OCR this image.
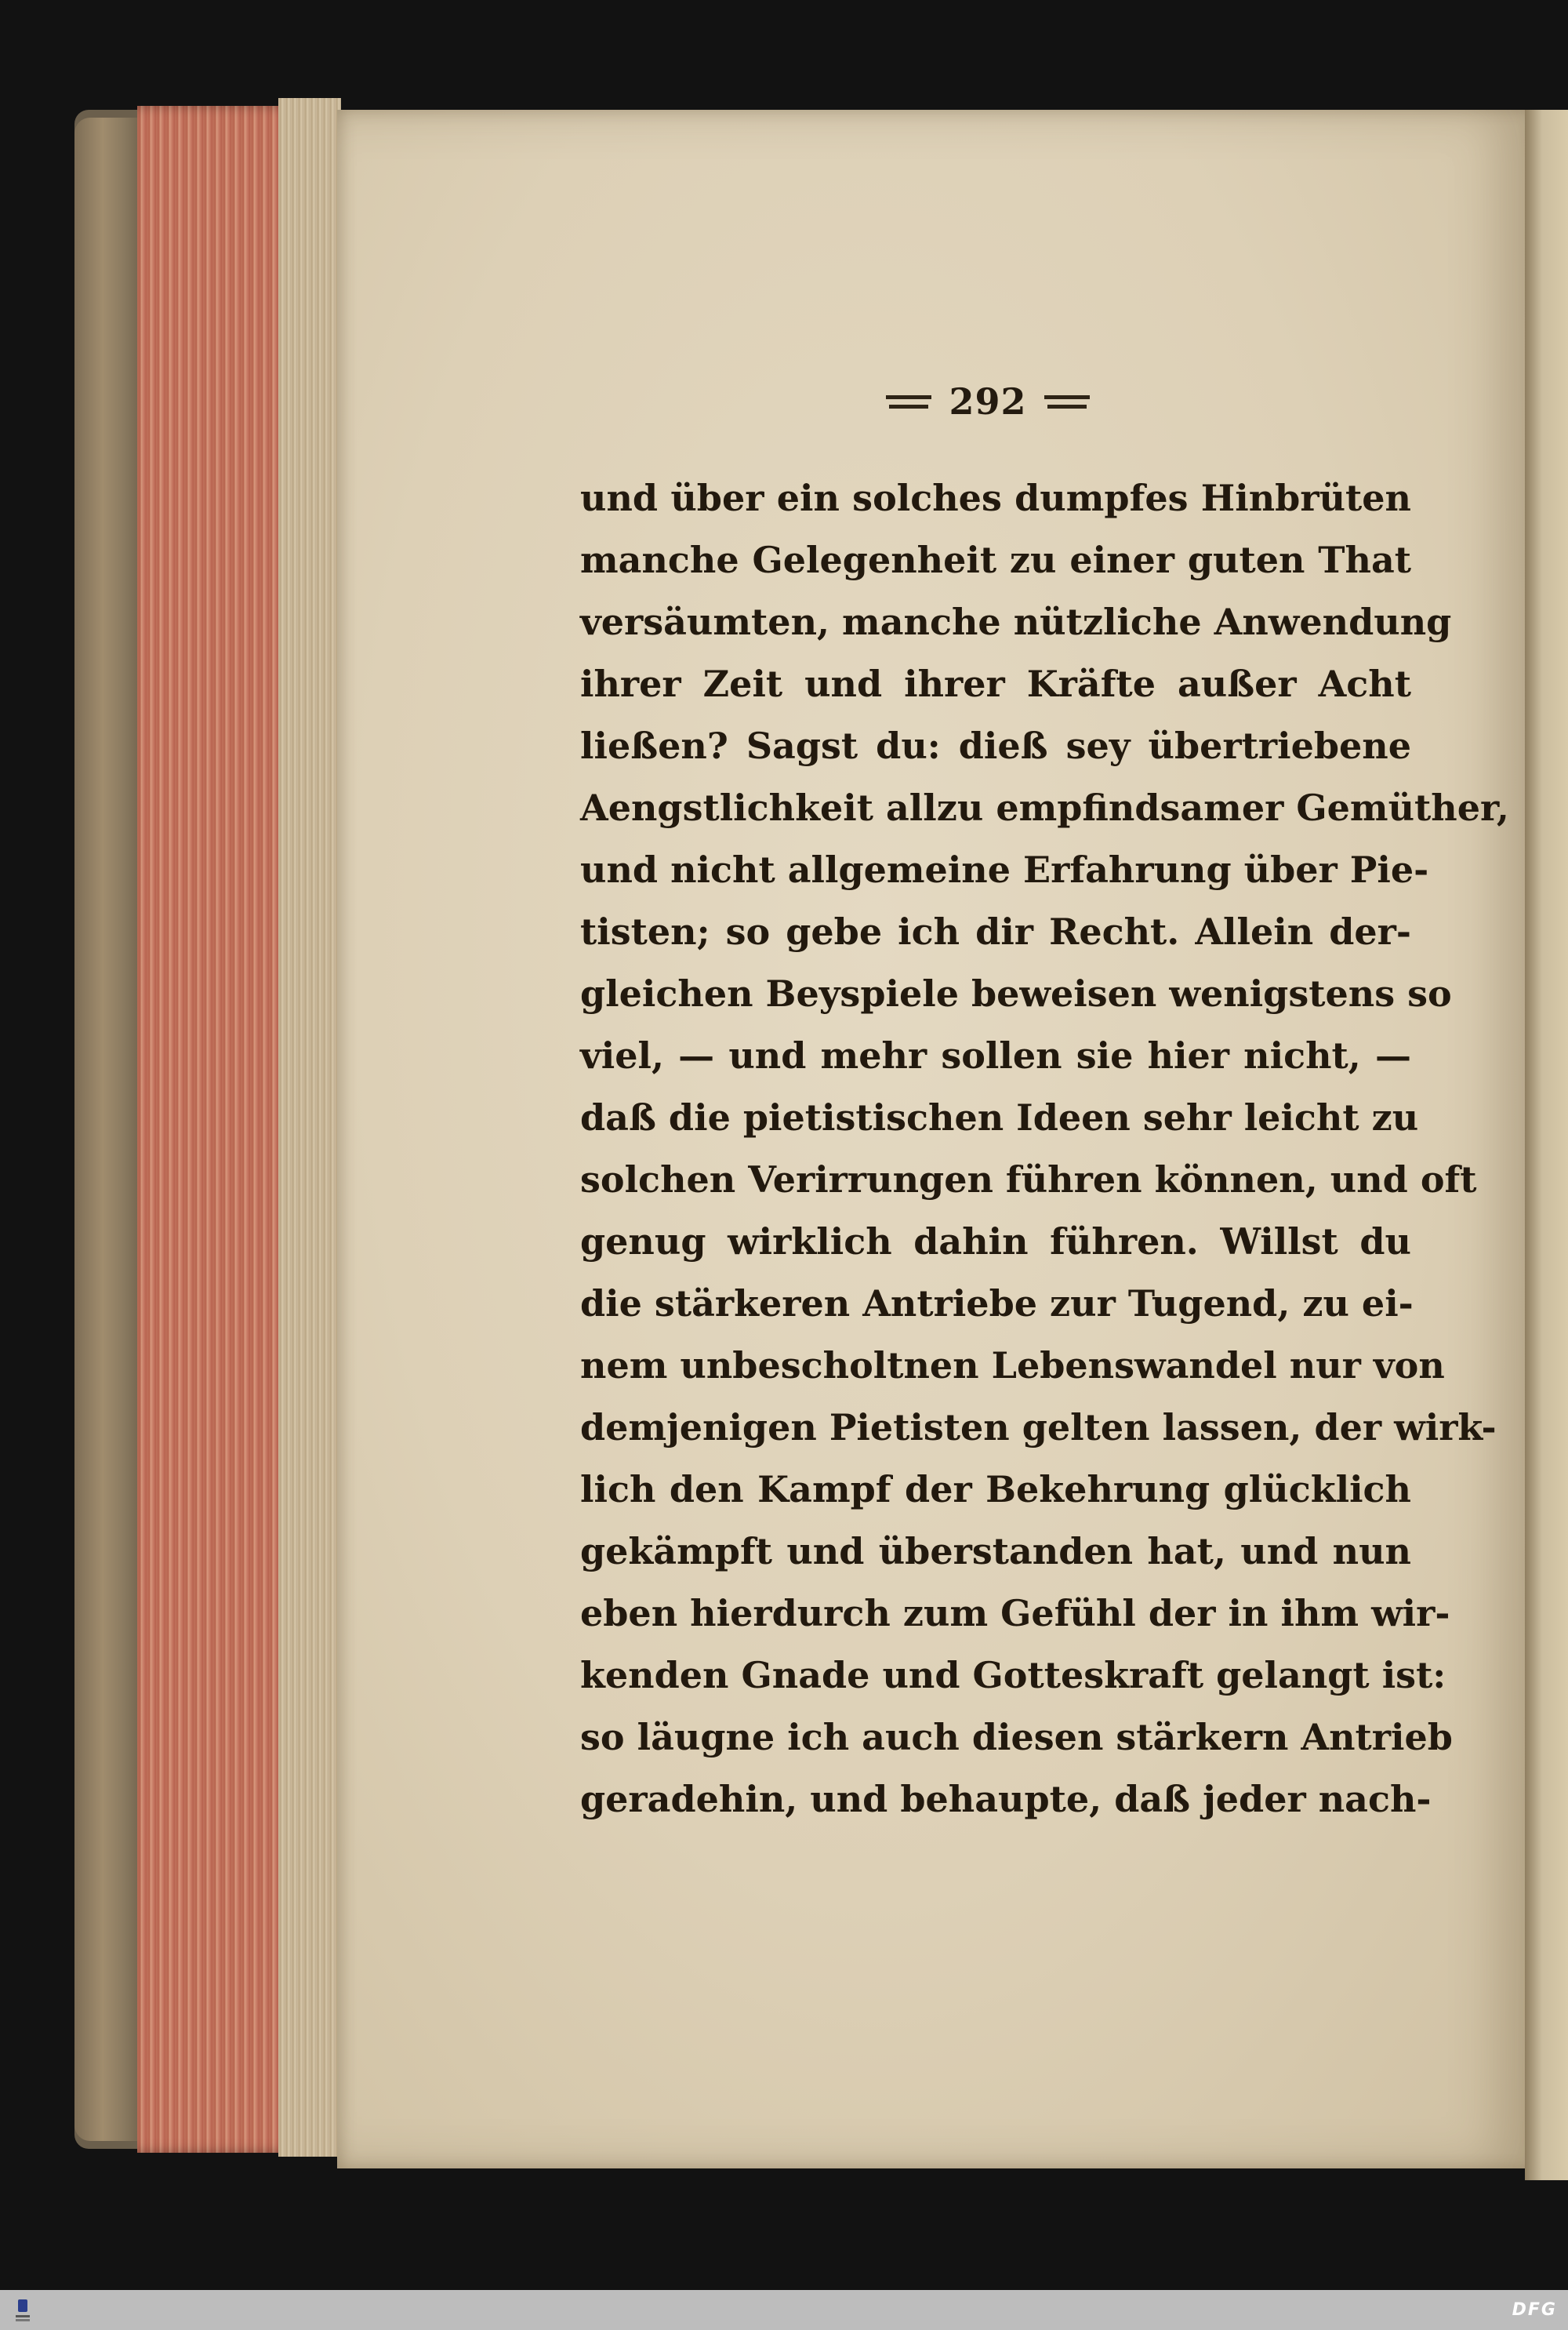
292
und über ein solches dumpfes Hinbrüten
manche Gelegenheit zu einer guten That
versäumten, manche nützliche Anwendung
ihrer Zeit und ihrer Kräfte außer Acht
ließen? Sagst du: dieß sey übertriebene
Aengstlichkeit allzu empfindsamer Gemüther,
und nicht allgemeine Erfahrung über Pie-
tisten; so gebe ich dir Recht. Allein der-
gleichen Beyspiele beweisen wenigstens so
viel, — und mehr sollen sie hier nicht, —
daß die pietistischen Ideen sehr leicht zu
solchen Verirrungen führen können, und oft
genug wirklich dahin führen. Willst du
die stärkeren Antriebe zur Tugend, zu ei-
nem unbescholtnen Lebenswandel nur von
demjenigen Pietisten gelten lassen, der wirk-
lich den Kampf der Bekehrung glücklich
gekämpft und überstanden hat, und nun
eben hierdurch zum Gefühl der in ihm wir-
kenden Gnade und Gotteskraft gelangt ist:
so läugne ich auch diesen stärkern Antrieb
geradehin, und behaupte, daß jeder nach-
DFG
